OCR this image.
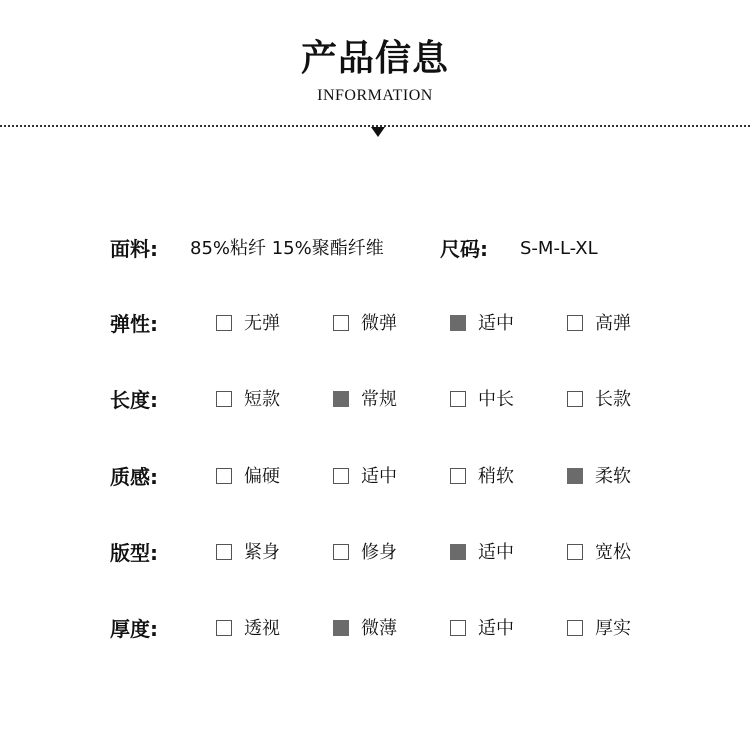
产品信息
INFORMATION
面料: 85%粘纤 15%聚酯纤维	尺码: S-M-L-XL
弹性:	无弹	微弹	适中	高弹
长度:	短款	常规	中长	长款
质感:	偏硬	适中	稍软	柔软
版型:	紧身	修身	适中	宽松
厚度:	透视	微薄	适中	厚实
